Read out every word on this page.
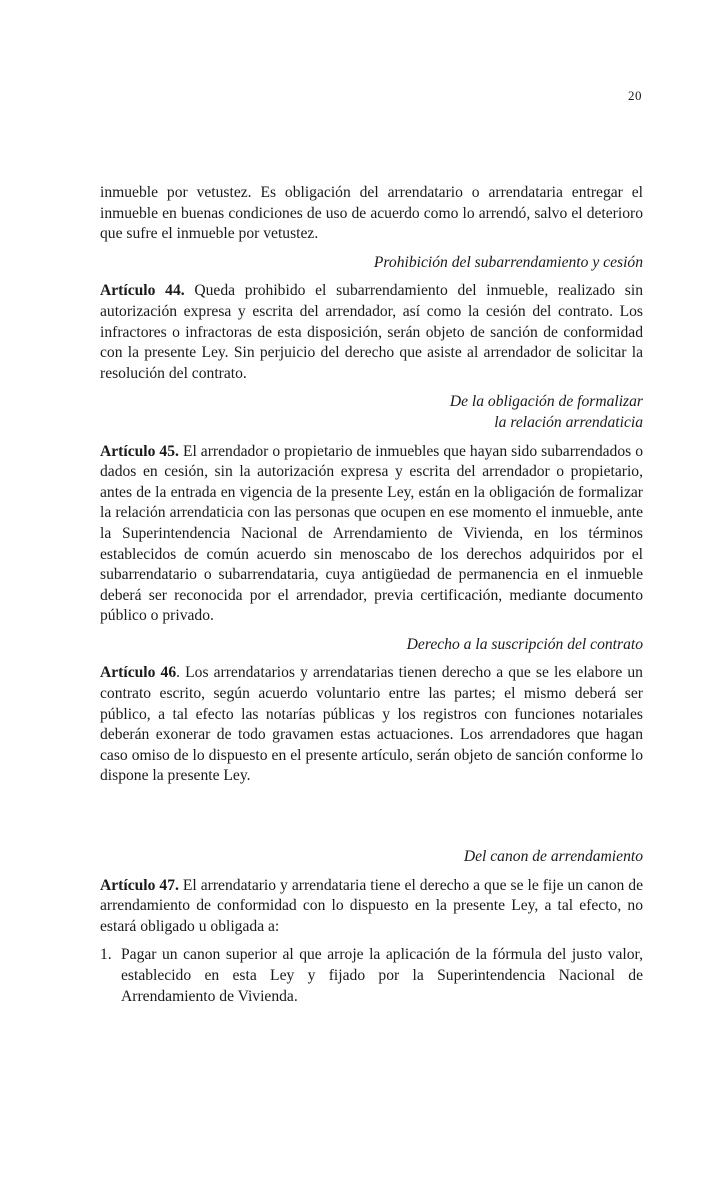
20

inmueble por vetustez. Es obligación del arrendatario o arrendataria entregar el inmueble en buenas condiciones de uso de acuerdo como lo arrendó, salvo el deterioro que sufre el inmueble por vetustez.

Prohibición del subarrendamiento y cesión

Artículo 44. Queda prohibido el subarrendamiento del inmueble, realizado sin autorización expresa y escrita del arrendador, así como la cesión del contrato. Los infractores o infractoras de esta disposición, serán objeto de sanción de conformidad con la presente Ley. Sin perjuicio del derecho que asiste al arrendador de solicitar la resolución del contrato.

De la obligación de formalizar
la relación arrendaticia

Artículo 45. El arrendador o propietario de inmuebles que hayan sido subarrendados o dados en cesión, sin la autorización expresa y escrita del arrendador o propietario, antes de la entrada en vigencia de la presente Ley, están en la obligación de formalizar la relación arrendaticia con las personas que ocupen en ese momento el inmueble, ante la Superintendencia Nacional de Arrendamiento de Vivienda, en los términos establecidos de común acuerdo sin menoscabo de los derechos adquiridos por el subarrendatario o subarrendataria, cuya antigüedad de permanencia en el inmueble deberá ser reconocida por el arrendador, previa certificación, mediante documento público o privado.

Derecho a la suscripción del contrato

Artículo 46. Los arrendatarios y arrendatarias tienen derecho a que se les elabore un contrato escrito, según acuerdo voluntario entre las partes; el mismo deberá ser público, a tal efecto las notarías públicas y los registros con funciones notariales deberán exonerar de todo gravamen estas actuaciones. Los arrendadores que hagan caso omiso de lo dispuesto en el presente artículo, serán objeto de sanción conforme lo dispone la presente Ley.

Del canon de arrendamiento

Artículo 47. El arrendatario y arrendataria tiene el derecho a que se le fije un canon de arrendamiento de conformidad con lo dispuesto en la presente Ley, a tal efecto, no estará obligado u obligada a:

1. Pagar un canon superior al que arroje la aplicación de la fórmula del justo valor, establecido en esta Ley y fijado por la Superintendencia Nacional de Arrendamiento de Vivienda.
